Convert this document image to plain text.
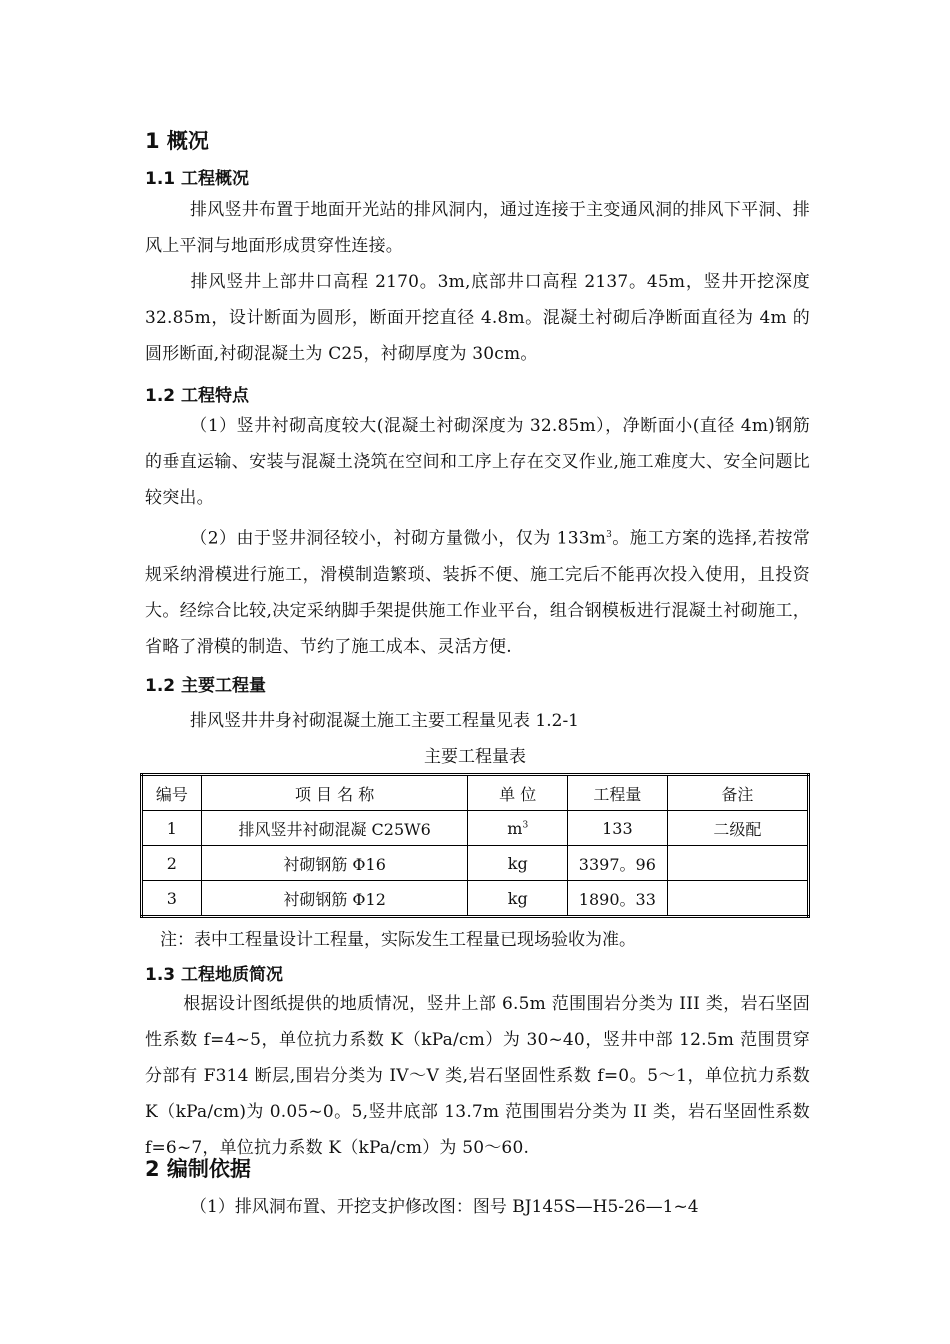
1 概况
1.1 工程概况
排风竖井布置于地面开光站的排风洞内，通过连接于主变通风洞的排风下平洞、排风上平洞与地面形成贯穿性连接。
排风竖井上部井口高程 2170。3m,底部井口高程 2137。45m，竖井开挖深度 32.85m，设计断面为圆形，断面开挖直径 4.8m。混凝土衬砌后净断面直径为 4m 的圆形断面,衬砌混凝土为 C25，衬砌厚度为 30cm。
1.2 工程特点
（1）竖井衬砌高度较大(混凝土衬砌深度为 32.85m），净断面小(直径 4m)钢筋的垂直运输、安装与混凝土浇筑在空间和工序上存在交叉作业,施工难度大、安全问题比较突出。
（2）由于竖井洞径较小，衬砌方量微小，仅为 $133m^3$。施工方案的选择,若按常规采纳滑模进行施工，滑模制造繁琐、装拆不便、施工完后不能再次投入使用，且投资大。经综合比较,决定采纳脚手架提供施工作业平台，组合钢模板进行混凝土衬砌施工，省略了滑模的制造、节约了施工成本、灵活方便.
1.2 主要工程量
排风竖井井身衬砌混凝土施工主要工程量见表 1.2-1
主要工程量表
编号	项 目 名 称	单 位	工程量	备注
1	排风竖井衬砌混凝 C25W6	$m^3$	133	二级配
2	衬砌钢筋 Φ16	kg	3397。96	
3	衬砌钢筋 Φ12	kg	1890。33	
注：表中工程量设计工程量，实际发生工程量已现场验收为准。
1.3 工程地质简况
根据设计图纸提供的地质情况，竖井上部 6.5m 范围围岩分类为 III 类，岩石坚固性系数 f=4~5，单位抗力系数 K（kPa/cm）为 30~40，竖井中部 12.5m 范围贯穿分部有 F314 断层,围岩分类为 IV～V 类,岩石坚固性系数 f=0。5～1，单位抗力系数 K（kPa/cm)为 0.05~0。5,竖井底部 13.7m 范围围岩分类为 II 类，岩石坚固性系数 f=6~7，单位抗力系数 K（kPa/cm）为 50～60.
2 编制依据
（1）排风洞布置、开挖支护修改图：图号 BJ145S—H5-26—1~4
